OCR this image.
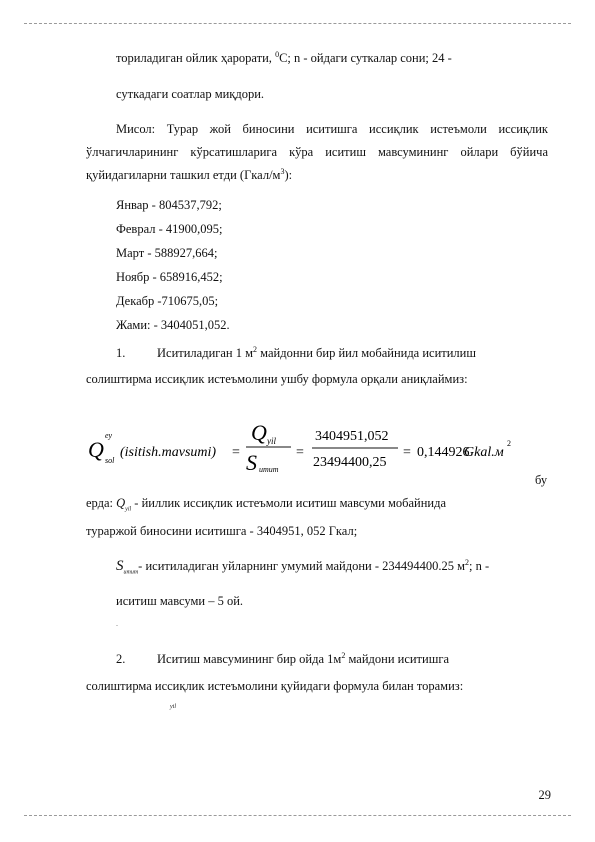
ториладиган ойлик ҳарорати, $^0$С; n - ойдаги суткалар сони; 24 -
суткадаги соатлар миқдори.
Мисол: Турар жой биносини иситишга иссиқлик истеъмоли иссиқлик ўлчагичларининг кўрсатишларига кўра иситиш мавсумининг ойлари бўйича қуйидагиларни ташкил етди $(Гкал/м^3)$:
Январ - 804537,792;
Феврал - 41900,095;
Март - 588927,664;
Ноябр - 658916,452;
Декабр -710675,05;
Жами: - 3404051,052.
1.	Иситиладиган 1 $м^2$ майдонни бир йил мобайнида иситилиш
солиштирма иссиқлик истеъмолини ушбу формула орқали аниқлаймиз:
Q
ey
sol
(isitish.mavsumi) =
Q yil
S umum
=
3404951,052
23494400,25
= 0,144926
Gkal.м
2
бу
ерда: $Q_{yil}$ - йиллик иссиқлик истеъмоли иситиш мавсуми мобайнида
тураржой биносини иситишга - 3404951, 052 Гкал;
$S_{umum}-$ иситиладиган уйларнинг умумий майдони - 234494400.25 $м^2$; n -
иситиш мавсуми – 5 ой.
.
2.	Иситиш мавсумининг бир ойда $1м^2$ майдони иситишга
солиштирма иссиқлик истеъмолини қуйидаги формула билан торамиз:
yil
29
